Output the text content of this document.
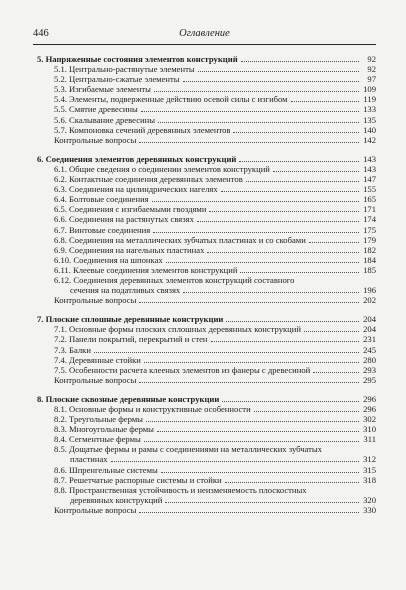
446	Оглавление
5. Напряженные состояния элементов конструкций	92
5.1. Центрально-растянутые элементы	92
5.2. Центрально-сжатые элементы	97
5.3. Изгибаемые элементы	109
5.4. Элементы, подверженные действию осевой силы с изгибом	119
5.5. Смятие древесины	133
5.6. Скалывание древесины	135
5.7. Компоновка сечений деревянных элементов	140
Контрольные вопросы	142
6. Соединения элементов деревянных конструкций	143
6.1. Общие сведения о соединении элементов конструкций	143
6.2. Контактные соединения деревянных элементов	147
6.3. Соединения на цилиндрических нагелях	155
6.4. Болтовые соединения	165
6.5. Соединения с изгибаемыми гвоздями	171
6.6. Соединения на растянутых связях	174
6.7. Винтовые соединения	175
6.8. Соединения на металлических зубчатых пластинах и со скобами	179
6.9. Соединения на нагельных пластинах	182
6.10. Соединения на шпонках	184
6.11. Клеевые соединения элементов конструкций	185
6.12. Соединения деревянных элементов конструкций составного
сечения на податливых связях	196
Контрольные вопросы	202
7. Плоские сплошные деревянные конструкции	204
7.1. Основные формы плоских сплошных деревянных конструкций	204
7.2. Панели покрытий, перекрытий и стен	231
7.3. Балки	245
7.4. Деревянные стойки	280
7.5. Особенности расчета клееных элементов из фанеры с древесиной	293
Контрольные вопросы	295
8. Плоские сквозные деревянные конструкции	296
8.1. Основные формы и конструктивные особенности	296
8.2. Треугольные фермы	302
8.3. Многоугольные фермы	310
8.4. Сегментные фермы	311
8.5. Дощатые фермы и рамы с соединениями на металлических зубчатых
пластинах	312
8.6. Шпренгельные системы	315
8.7. Решетчатые распорные системы и стойки	318
8.8. Пространственная устойчивость и неизменяемость плоскостных
деревянных конструкций	320
Контрольные вопросы	330
